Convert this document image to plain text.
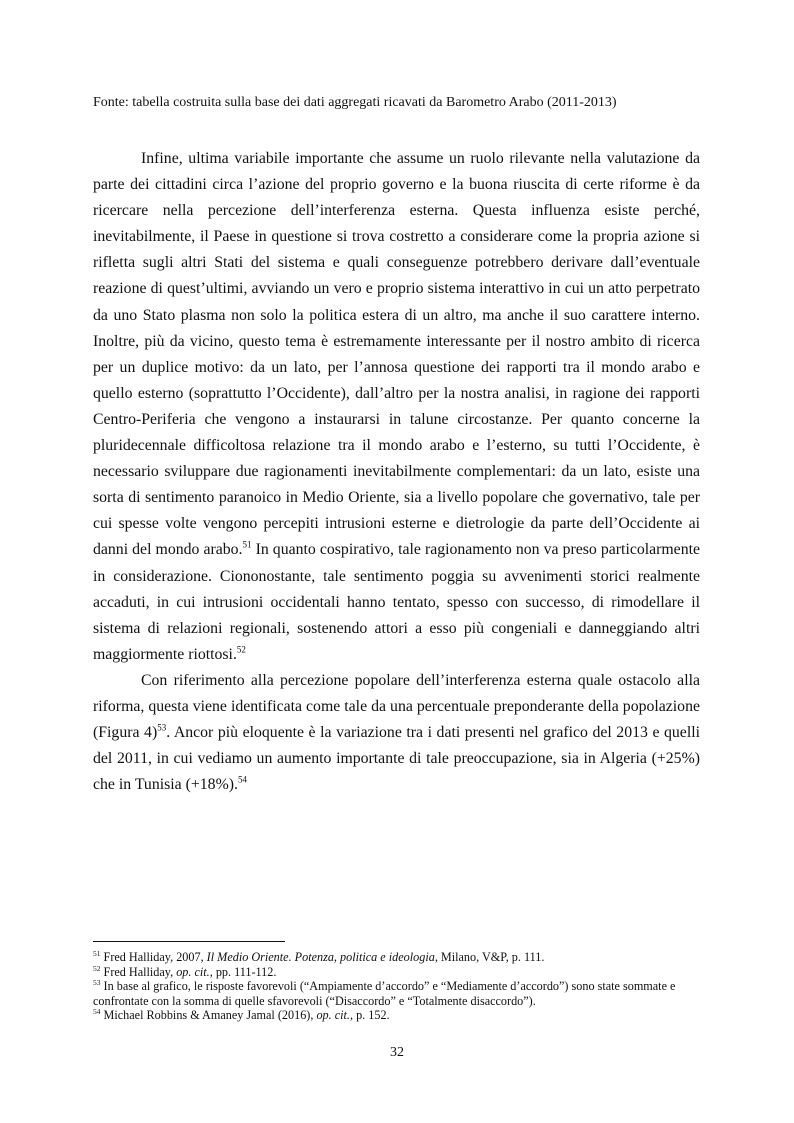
Fonte: tabella costruita sulla base dei dati aggregati ricavati da Barometro Arabo (2011-2013)

Infine, ultima variabile importante che assume un ruolo rilevante nella valutazione da parte dei cittadini circa l’azione del proprio governo e la buona riuscita di certe riforme è da ricercare nella percezione dell’interferenza esterna. Questa influenza esiste perché, inevitabilmente, il Paese in questione si trova costretto a considerare come la propria azione si rifletta sugli altri Stati del sistema e quali conseguenze potrebbero derivare dall’eventuale reazione di quest’ultimi, avviando un vero e proprio sistema interattivo in cui un atto perpetrato da uno Stato plasma non solo la politica estera di un altro, ma anche il suo carattere interno. Inoltre, più da vicino, questo tema è estremamente interessante per il nostro ambito di ricerca per un duplice motivo: da un lato, per l’annosa questione dei rapporti tra il mondo arabo e quello esterno (soprattutto l’Occidente), dall’altro per la nostra analisi, in ragione dei rapporti Centro-Periferia che vengono a instaurarsi in talune circostanze. Per quanto concerne la pluridecennale difficoltosa relazione tra il mondo arabo e l’esterno, su tutti l’Occidente, è necessario sviluppare due ragionamenti inevitabilmente complementari: da un lato, esiste una sorta di sentimento paranoico in Medio Oriente, sia a livello popolare che governativo, tale per cui spesse volte vengono percepiti intrusioni esterne e dietrologie da parte dell’Occidente ai danni del mondo arabo.$^{51}$ In quanto cospirativo, tale ragionamento non va preso particolarmente in considerazione. Ciononostante, tale sentimento poggia su avvenimenti storici realmente accaduti, in cui intrusioni occidentali hanno tentato, spesso con successo, di rimodellare il sistema di relazioni regionali, sostenendo attori a esso più congeniali e danneggiando altri maggiormente riottosi.$^{52}$

Con riferimento alla percezione popolare dell’interferenza esterna quale ostacolo alla riforma, questa viene identificata come tale da una percentuale preponderante della popolazione (Figura 4)$^{53}$. Ancor più eloquente è la variazione tra i dati presenti nel grafico del 2013 e quelli del 2011, in cui vediamo un aumento importante di tale preoccupazione, sia in Algeria (+25%) che in Tunisia (+18%).$^{54}$

$^{51}$ Fred Halliday, 2007, Il Medio Oriente. Potenza, politica e ideologia, Milano, V&P, p. 111.

$^{52}$ Fred Halliday, op. cit., pp. 111-112.

$^{53}$ In base al grafico, le risposte favorevoli (“Ampiamente d’accordo” e “Mediamente d’accordo”) sono state sommate e confrontate con la somma di quelle sfavorevoli (“Disaccordo” e “Totalmente disaccordo”).

$^{54}$ Michael Robbins & Amaney Jamal (2016), op. cit., p. 152.

32
